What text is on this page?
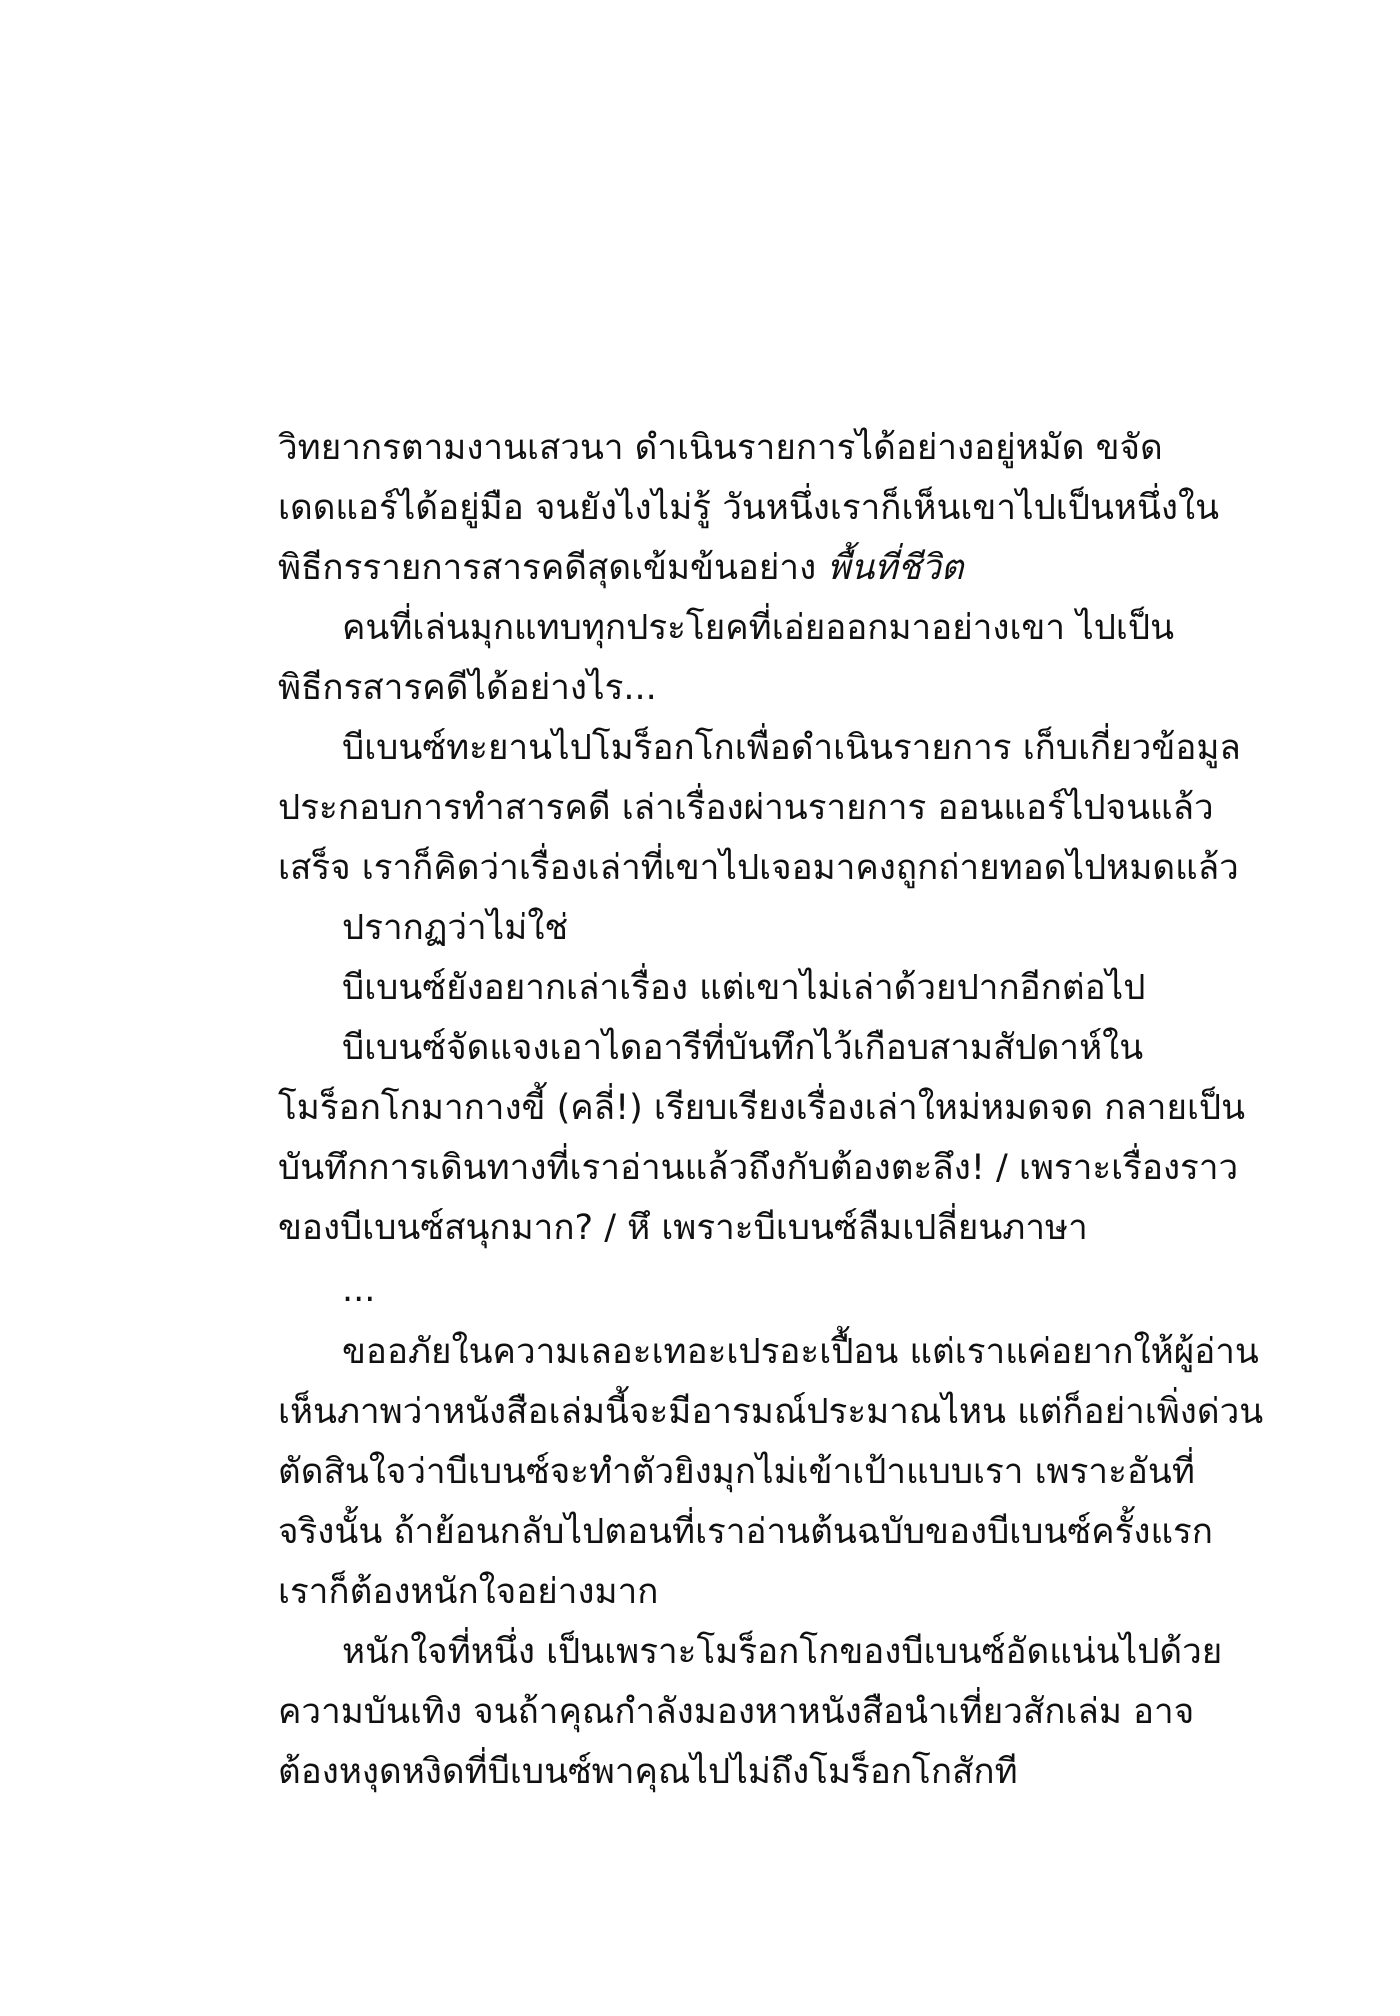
วิทยากรตามงานเสวนา ดำเนินรายการได้อย่างอยู่หมัด ขจัด
เดดแอร์ได้อยู่มือ จนยังไงไม่รู้ วันหนึ่งเราก็เห็นเขาไปเป็นหนึ่งใน
พิธีกรรายการสารคดีสุดเข้มข้นอย่าง พื้นที่ชีวิต
คนที่เล่นมุกแทบทุกประโยคที่เอ่ยออกมาอย่างเขา ไปเป็น
พิธีกรสารคดีได้อย่างไร...
บีเบนซ์ทะยานไปโมร็อกโกเพื่อดำเนินรายการ เก็บเกี่ยวข้อมูล
ประกอบการทำสารคดี เล่าเรื่องผ่านรายการ ออนแอร์ไปจนแล้ว
เสร็จ เราก็คิดว่าเรื่องเล่าที่เขาไปเจอมาคงถูกถ่ายทอดไปหมดแล้ว
ปรากฏว่าไม่ใช่
บีเบนซ์ยังอยากเล่าเรื่อง แต่เขาไม่เล่าด้วยปากอีกต่อไป
บีเบนซ์จัดแจงเอาไดอารีที่บันทึกไว้เกือบสามสัปดาห์ใน
โมร็อกโกมากางขี้ (คลี่!) เรียบเรียงเรื่องเล่าใหม่หมดจด กลายเป็น
บันทึกการเดินทางที่เราอ่านแล้วถึงกับต้องตะลึง! / เพราะเรื่องราว
ของบีเบนซ์สนุกมาก? / หึ เพราะบีเบนซ์ลืมเปลี่ยนภาษา
...
ขออภัยในความเลอะเทอะเปรอะเปื้อน แต่เราแค่อยากให้ผู้อ่าน
เห็นภาพว่าหนังสือเล่มนี้จะมีอารมณ์ประมาณไหน แต่ก็อย่าเพิ่งด่วน
ตัดสินใจว่าบีเบนซ์จะทำตัวยิงมุกไม่เข้าเป้าแบบเรา เพราะอันที่
จริงนั้น ถ้าย้อนกลับไปตอนที่เราอ่านต้นฉบับของบีเบนซ์ครั้งแรก
เราก็ต้องหนักใจอย่างมาก
หนักใจที่หนึ่ง เป็นเพราะโมร็อกโกของบีเบนซ์อัดแน่นไปด้วย
ความบันเทิง จนถ้าคุณกำลังมองหาหนังสือนำเที่ยวสักเล่ม อาจ
ต้องหงุดหงิดที่บีเบนซ์พาคุณไปไม่ถึงโมร็อกโกสักที
